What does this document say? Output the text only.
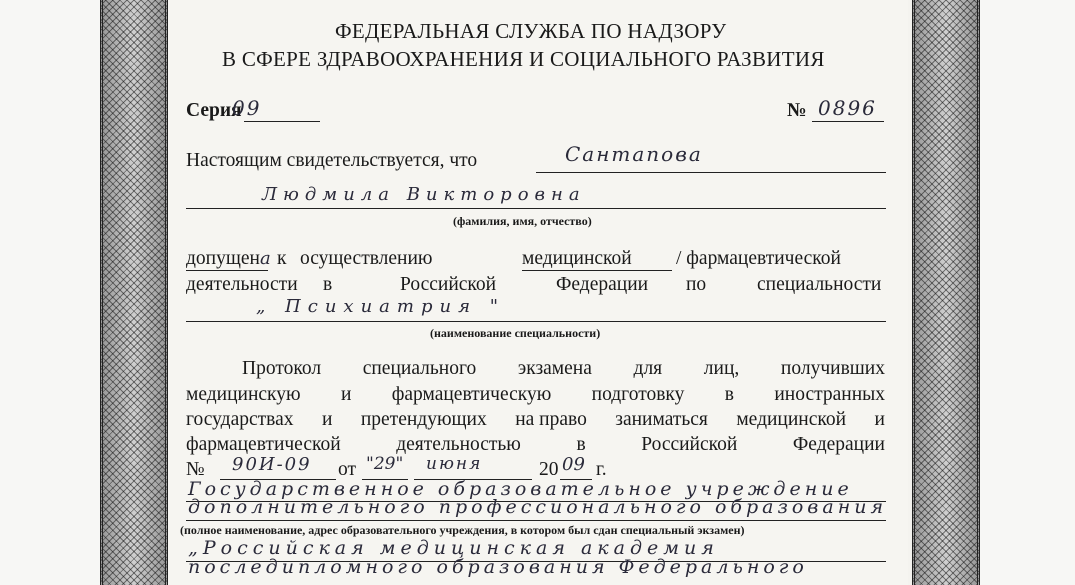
ФЕДЕРАЛЬНАЯ СЛУЖБА ПО НАДЗОРУ
В СФЕРЕ ЗДРАВООХРАНЕНИЯ И СОЦИАЛЬНОГО РАЗВИТИЯ
Серия
09	№ 0896
Настоящим свидетельствуется, что	Сантапова
Людмила Викторовна
(фамилия, имя, отчество)
допущена к осуществлению	медицинской / фармацевтической
деятельности в	Российской	Федерации по	специальности
„ Психиатрия "
(наименование специальности)
Протокол специального экзамена для лиц, получивших
медицинскую и фармацевтическую подготовку в иностранных
государствах и претендующих на право заниматься медицинской и
фармацевтической	деятельностью	в	Российской	Федерации
№ 90И-09 от "29" июня	20 09 г.
Государственное образовательное учреждение
дополнительного профессионального образования
(полное наименование, адрес образовательного учреждения, в котором был сдан специальный экзамен)
„Российская медицинская академия
последипломного образования Федерального
